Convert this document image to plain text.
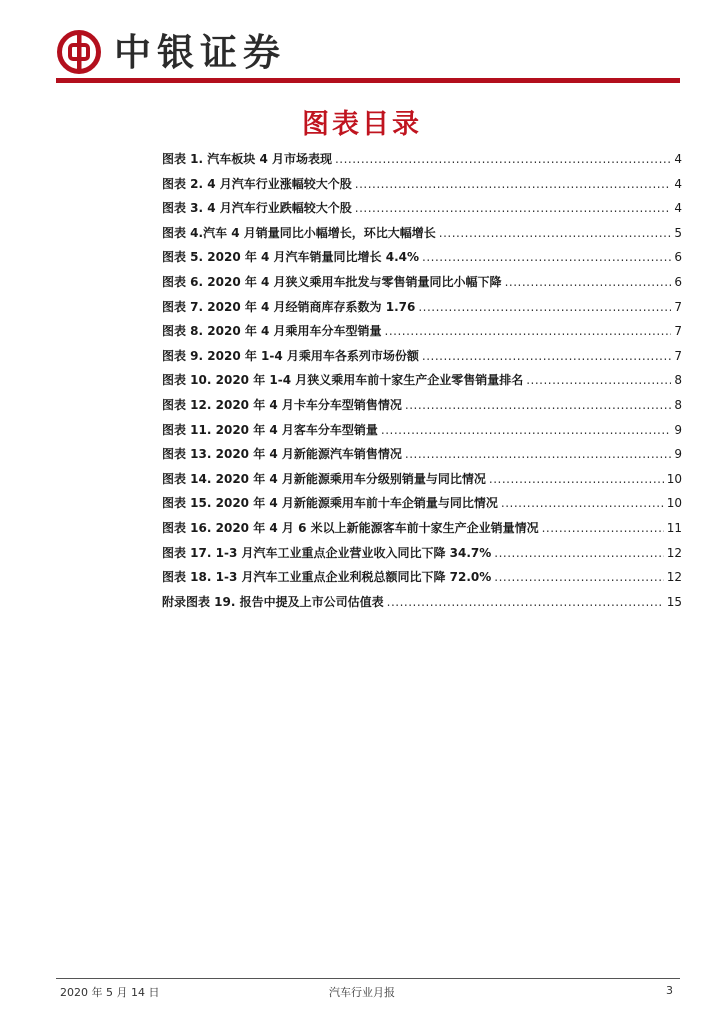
中银证券
图表目录
图表 1. 汽车板块 4 月市场表现 .....	4
图表 2. 4 月汽车行业涨幅较大个股 .....	4
图表 3. 4 月汽车行业跌幅较大个股 .....	4
图表 4.汽车 4 月销量同比小幅增长，环比大幅增长 .....	5
图表 5. 2020 年 4 月汽车销量同比增长 4.4% .....	6
图表 6. 2020 年 4 月狭义乘用车批发与零售销量同比小幅下降 .....	6
图表 7. 2020 年 4 月经销商库存系数为 1.76 .....	7
图表 8. 2020 年 4 月乘用车分车型销量 .....	7
图表 9. 2020 年 1-4 月乘用车各系列市场份额 .....	7
图表 10. 2020 年 1-4 月狭义乘用车前十家生产企业零售销量排名 .....	8
图表 12. 2020 年 4 月卡车分车型销售情况 .....	8
图表 11. 2020 年 4 月客车分车型销量 .....	9
图表 13. 2020 年 4 月新能源汽车销售情况 .....	9
图表 14. 2020 年 4 月新能源乘用车分级别销量与同比情况 .....	10
图表 15. 2020 年 4 月新能源乘用车前十车企销量与同比情况 .....	10
图表 16. 2020 年 4 月 6 米以上新能源客车前十家生产企业销量情况 .....	11
图表 17. 1-3 月汽车工业重点企业营业收入同比下降 34.7% .....	12
图表 18. 1-3 月汽车工业重点企业利税总额同比下降 72.0% .....	12
附录图表 19. 报告中提及上市公司估值表 .....	15
2020 年 5 月 14 日	汽车行业月报	3
